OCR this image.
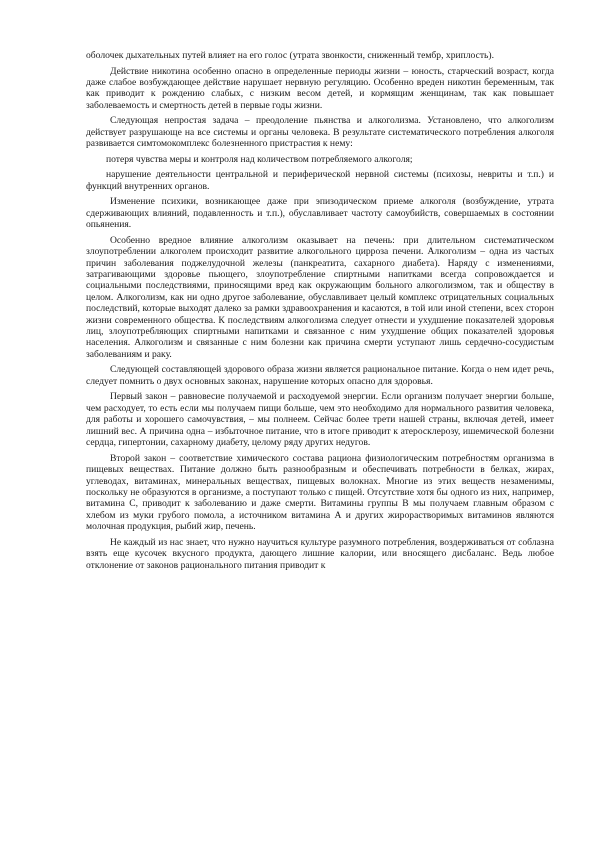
оболочек дыхательных путей влияет на его голос (утрата звонкости, сниженный тембр, хриплость).

Действие никотина особенно опасно в определенные периоды жизни – юность, старческий возраст, когда даже слабое возбуждающее действие нарушает нервную регуляцию. Особенно вреден никотин беременным, так как приводит к рождению слабых, с низким весом детей, и кормящим женщинам, так как повышает заболеваемость и смертность детей в первые годы жизни.

Следующая непростая задача – преодоление пьянства и алкоголизма. Установлено, что алкоголизм действует разрушающе на все системы и органы человека. В результате систематического потребления алкоголя развивается симтомокомплекс болезненного пристрастия к нему:

потеря чувства меры и контроля над количеством потребляемого алкоголя;

нарушение деятельности центральной и периферической нервной системы (психозы, невриты и т.п.) и функций внутренних органов.

Изменение психики, возникающее даже при эпизодическом приеме алкоголя (возбуждение, утрата сдерживающих влияний, подавленность и т.п.), обуславливает частоту самоубийств, совершаемых в состоянии опьянения.

Особенно вредное влияние алкоголизм оказывает на печень: при длительном систематическом злоупотреблении алкоголем происходит развитие алкогольного цирроза печени. Алкоголизм – одна из частых причин заболевания поджелудочной железы (панкреатита, сахарного диабета). Наряду с изменениями, затрагивающими здоровье пьющего, злоупотребление спиртными напитками всегда сопровождается и социальными последствиями, приносящими вред как окружающим больного алкоголизмом, так и обществу в целом. Алкоголизм, как ни одно другое заболевание, обуславливает целый комплекс отрицательных социальных последствий, которые выходят далеко за рамки здравоохранения и касаются, в той или иной степени, всех сторон жизни современного общества. К последствиям алкоголизма следует отнести и ухудшение показателей здоровья лиц, злоупотребляющих спиртными напитками и связанное с ним ухудшение общих показателей здоровья населения. Алкоголизм и связанные с ним болезни как причина смерти уступают лишь сердечно-сосудистым заболеваниям и раку.

Следующей составляющей здорового образа жизни является рациональное питание. Когда о нем идет речь, следует помнить о двух основных законах, нарушение которых опасно для здоровья.

Первый закон – равновесие получаемой и расходуемой энергии. Если организм получает энергии больше, чем расходует, то есть если мы получаем пищи больше, чем это необходимо для нормального развития человека, для работы и хорошего самочувствия, – мы полнеем. Сейчас более трети нашей страны, включая детей, имеет лишний вес. А причина одна – избыточное питание, что в итоге приводит к атеросклерозу, ишемической болезни сердца, гипертонии, сахарному диабету, целому ряду других недугов.

Второй закон – соответствие химического состава рациона физиологическим потребностям организма в пищевых веществах. Питание должно быть разнообразным и обеспечивать потребности в белках, жирах, углеводах, витаминах, минеральных веществах, пищевых волокнах. Многие из этих веществ незаменимы, поскольку не образуются в организме, а поступают только с пищей. Отсутствие хотя бы одного из них, например, витамина С, приводит к заболеванию и даже смерти. Витамины группы В мы получаем главным образом с хлебом из муки грубого помола, а источником витамина А и других жирорастворимых витаминов являются молочная продукция, рыбий жир, печень.

Не каждый из нас знает, что нужно научиться культуре разумного потребления, воздерживаться от соблазна взять еще кусочек вкусного продукта, дающего лишние калории, или вносящего дисбаланс. Ведь любое отклонение от законов рационального питания приводит к
